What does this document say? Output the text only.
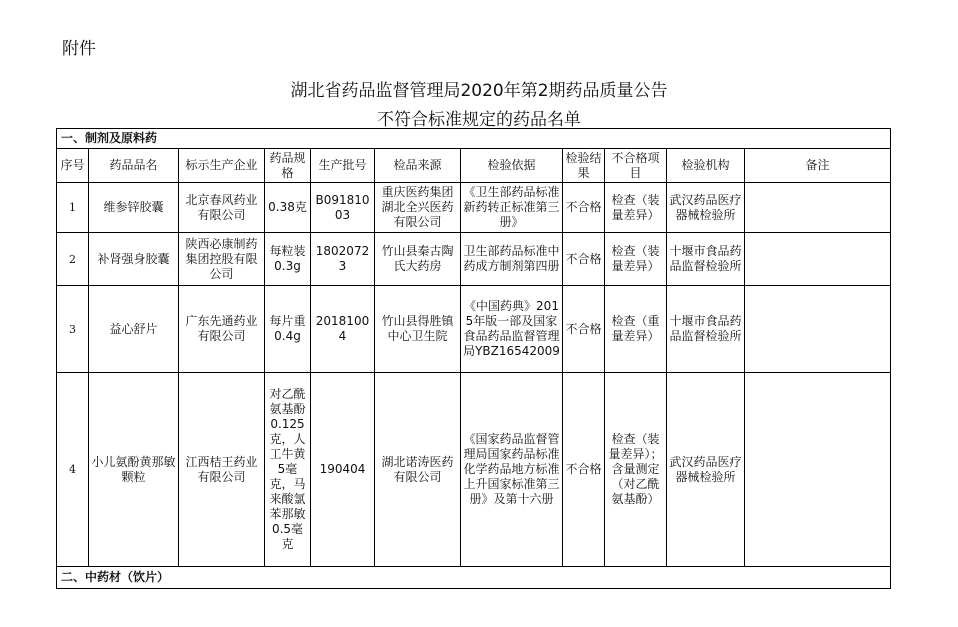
附件
湖北省药品监督管理局2020年第2期药品质量公告
不符合标准规定的药品名单
一、制剂及原料药										
序号	药品品名	标示生产企业	药品规格	生产批号	检品来源	检验依据	检验结果	不合格项目	检验机构	备注
1	维参锌胶囊	北京春风药业有限公司	0.38克	B09181003	重庆医药集团湖北全兴医药有限公司	《卫生部药品标准新药转正标准第三册》	不合格	检查（装量差异）	武汉药品医疗器械检验所	
2	补肾强身胶囊	陕西必康制药集团控股有限公司	每粒装0.3g	18020723	竹山县秦古陶氏大药房	卫生部药品标准中药成方制剂第四册	不合格	检查（装量差异）	十堰市食品药品监督检验所	
3	益心舒片	广东先通药业有限公司	每片重0.4g	20181004	竹山县得胜镇中心卫生院	《中国药典》2015年版一部及国家食品药品监督管理局YBZ16542009	不合格	检查（重量差异）	十堰市食品药品监督检验所	
4	小儿氨酚黄那敏颗粒	江西桔王药业有限公司	对乙酰氨基酚0.125克，人工牛黄5毫克，马来酸氯苯那敏0.5毫克	190404	湖北诺涛医药有限公司	《国家药品监督管理局国家药品标准化学药品地方标准上升国家标准第三册》及第十六册	不合格	检查（装量差异）；含量测定（对乙酰氨基酚）	武汉药品医疗器械检验所	
二、中药材（饮片）										
